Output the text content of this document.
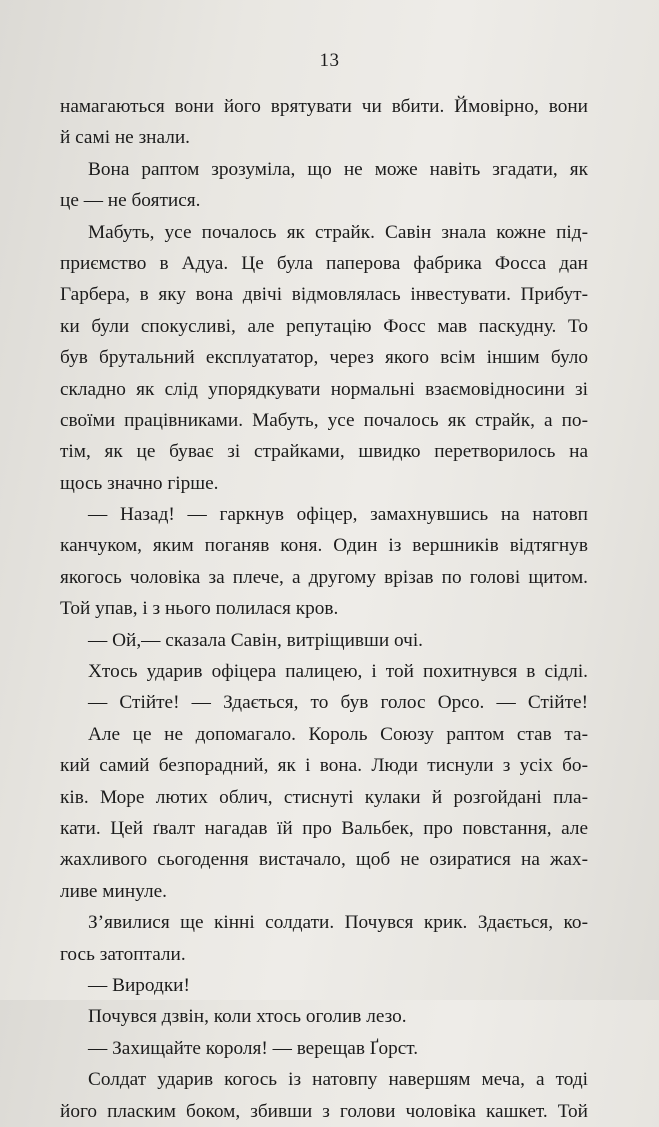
13
намагаються вони його врятувати чи вбити. Ймовірно, вони
й самі не знали.
Вона раптом зрозуміла, що не може навіть згадати, як
це — не боятися.
Мабуть, усе почалось як страйк. Савін знала кожне під-
приємство в Адуа. Це була паперова фабрика Фосса дан
Гарбера, в яку вона двічі відмовлялась інвестувати. Прибут-
ки були спокусливі, але репутацію Фосс мав паскудну. То
був брутальний експлуататор, через якого всім іншим було
складно як слід упорядкувати нормальні взаємовідносини зі
своїми працівниками. Мабуть, усе почалось як страйк, а по-
тім, як це буває зі страйками, швидко перетворилось на
щось значно гірше.
— Назад! — гаркнув офіцер, замахнувшись на натовп
канчуком, яким поганяв коня. Один із вершників відтягнув
якогось чоловіка за плече, а другому врізав по голові щитом.
Той упав, і з нього полилася кров.
— Ой,— сказала Савін, витріщивши очі.
Хтось ударив офіцера палицею, і той похитнувся в сідлі.
— Стійте! — Здається, то був голос Орсо. — Стійте!
Але це не допомагало. Король Союзу раптом став та-
кий самий безпорадний, як і вона. Люди тиснули з усіх бо-
ків. Море лютих облич, стиснуті кулаки й розгойдані пла-
кати. Цей ґвалт нагадав їй про Вальбек, про повстання, але
жахливого сьогодення вистачало, щоб не озиратися на жах-
ливе минуле.
З’явилися ще кінні солдати. Почувся крик. Здається, ко-
гось затоптали.
— Виродки!
Почувся дзвін, коли хтось оголив лезо.
— Захищайте короля! — верещав Ґорст.
Солдат ударив когось із натовпу навершям меча, а тоді
його пласким боком, збивши з голови чоловіка кашкет. Той
